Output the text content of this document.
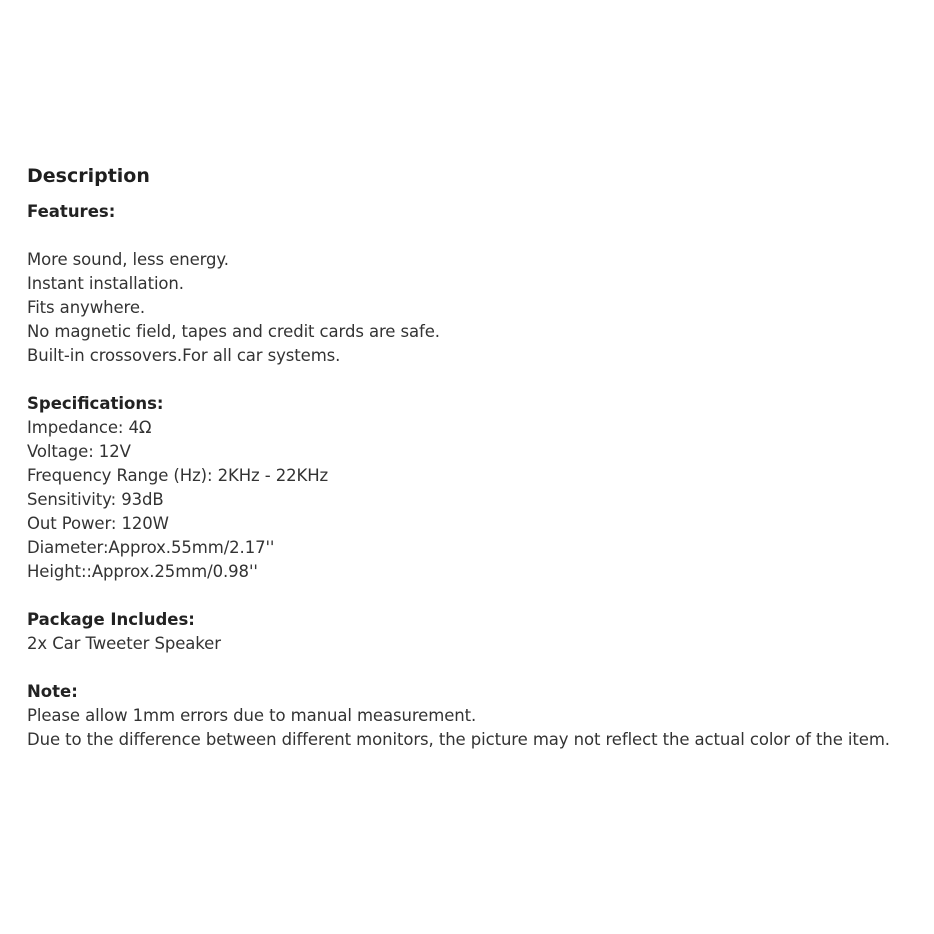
Description

Features:

More sound, less energy.

Instant installation.

Fits anywhere.

No magnetic field, tapes and credit cards are safe.

Built-in crossovers.For all car systems.

Specifications:

Impedance: 4Ω

Voltage: 12V

Frequency Range (Hz): 2KHz - 22KHz

Sensitivity: 93dB

Out Power: 120W

Diameter:Approx.55mm/2.17''

Height::Approx.25mm/0.98''

Package Includes:

2x Car Tweeter Speaker

Note:

Please allow 1mm errors due to manual measurement.

Due to the difference between different monitors, the picture may not reflect the actual color of the item.
